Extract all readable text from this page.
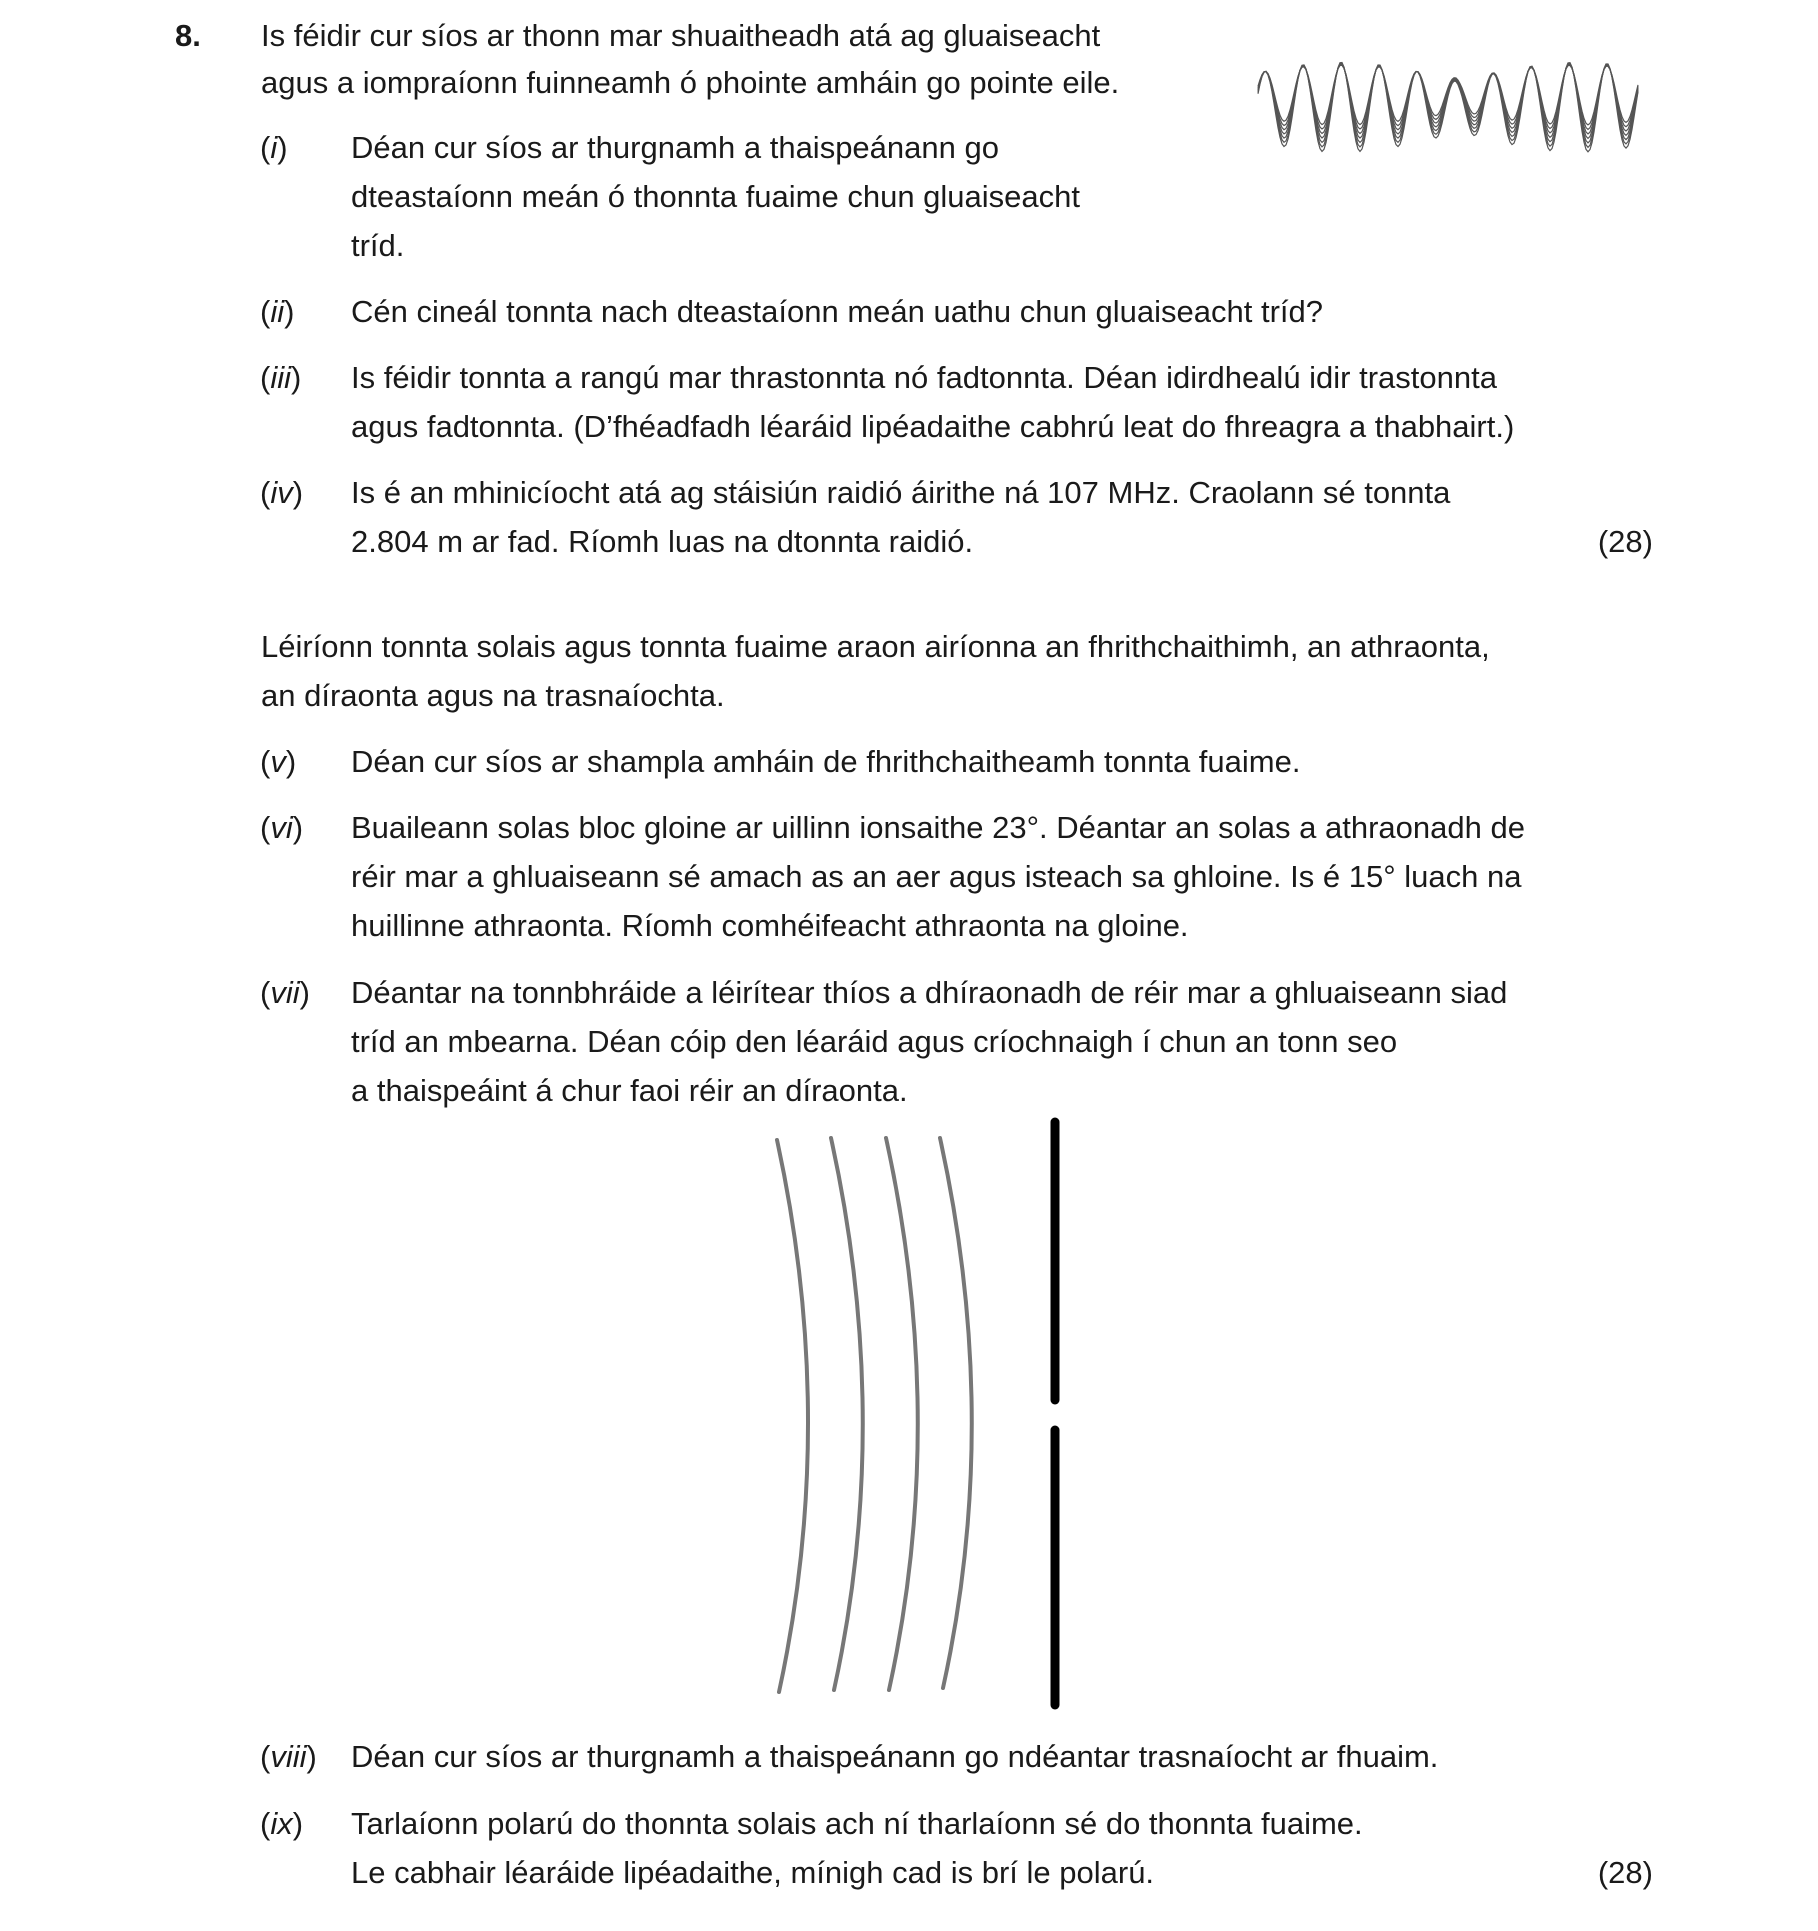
8. Is féidir cur síos ar thonn mar shuaitheadh atá ag gluaiseacht
agus a iompraíonn fuinneamh ó phointe amháin go pointe eile.
(i) Déan cur síos ar thurgnamh a thaispeánann go
dteastaíonn meán ó thonnta fuaime chun gluaiseacht
tríd.
(ii) Cén cineál tonnta nach dteastaíonn meán uathu chun gluaiseacht tríd?
(iii) Is féidir tonnta a rangú mar thrastonnta nó fadtonnta. Déan idirdhealú idir trastonnta
agus fadtonnta. (D’fhéadfadh léaráid lipéadaithe cabhrú leat do fhreagra a thabhairt.)
(iv) Is é an mhinicíocht atá ag stáisiún raidió áirithe ná 107 MHz. Craolann sé tonnta
2.804 m ar fad. Ríomh luas na dtonnta raidió.	(28)
Léiríonn tonnta solais agus tonnta fuaime araon airíonna an fhrithchaithimh, an athraonta,
an díraonta agus na trasnaíochta.
(v) Déan cur síos ar shampla amháin de fhrithchaitheamh tonnta fuaime.
(vi) Buaileann solas bloc gloine ar uillinn ionsaithe 23°. Déantar an solas a athraonadh de
réir mar a ghluaiseann sé amach as an aer agus isteach sa ghloine. Is é 15° luach na
huillinne athraonta. Ríomh comhéifeacht athraonta na gloine.
(vii) Déantar na tonnbhráide a léirítear thíos a dhíraonadh de réir mar a ghluaiseann siad
tríd an mbearna. Déan cóip den léaráid agus críochnaigh í chun an tonn seo
a thaispeáint á chur faoi réir an díraonta.
(viii) Déan cur síos ar thurgnamh a thaispeánann go ndéantar trasnaíocht ar fhuaim.
(ix) Tarlaíonn polarú do thonnta solais ach ní tharlaíonn sé do thonnta fuaime.
Le cabhair léaráide lipéadaithe, mínigh cad is brí le polarú.	(28)
